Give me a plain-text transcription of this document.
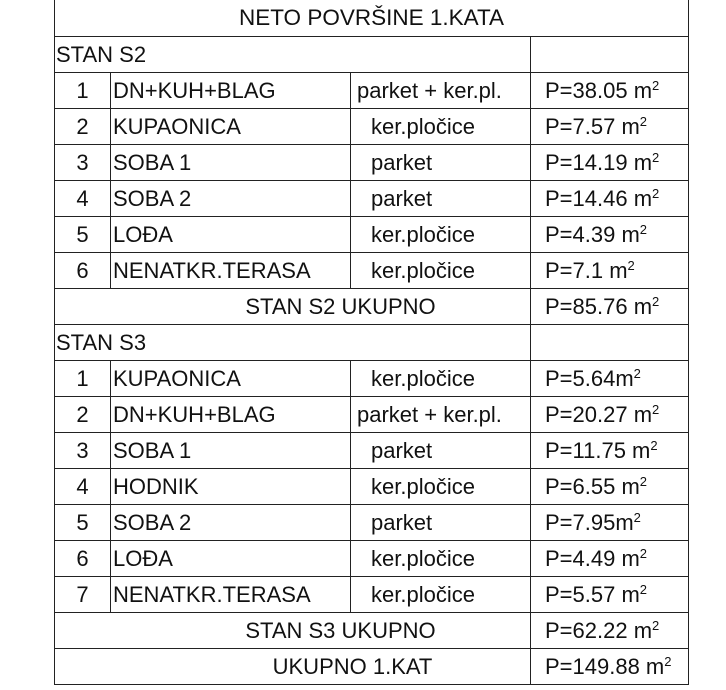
NETO POVRŠINE 1.KATA			
STAN S2			
1	DN+KUH+BLAG	parket + ker.pl.	P=38.05 $m^2$
2	KUPAONICA	ker.pločice	P=7.57 $m^2$
3	SOBA 1	parket	P=14.19 $m^2$
4	SOBA 2	parket	P=14.46 $m^2$
5	LOĐA	ker.pločice	P=4.39 $m^2$
6	NENATKR.TERASA	ker.pločice	P=7.1 $m^2$
STAN S2 UKUPNO			P=85.76 $m^2$
STAN S3			
1	KUPAONICA	ker.pločice	$P=5.64m^2$
2	DN+KUH+BLAG	parket + ker.pl.	P=20.27 $m^2$
3	SOBA 1	parket	P=11.75 $m^2$
4	HODNIK	ker.pločice	P=6.55 $m^2$
5	SOBA 2	parket	$P=7.95m^2$
6	LOĐA	ker.pločice	P=4.49 $m^2$
7	NENATKR.TERASA	ker.pločice	P=5.57 $m^2$
STAN S3 UKUPNO			P=62.22 $m^2$
UKUPNO 1.KAT			P=149.88 $m^2$
